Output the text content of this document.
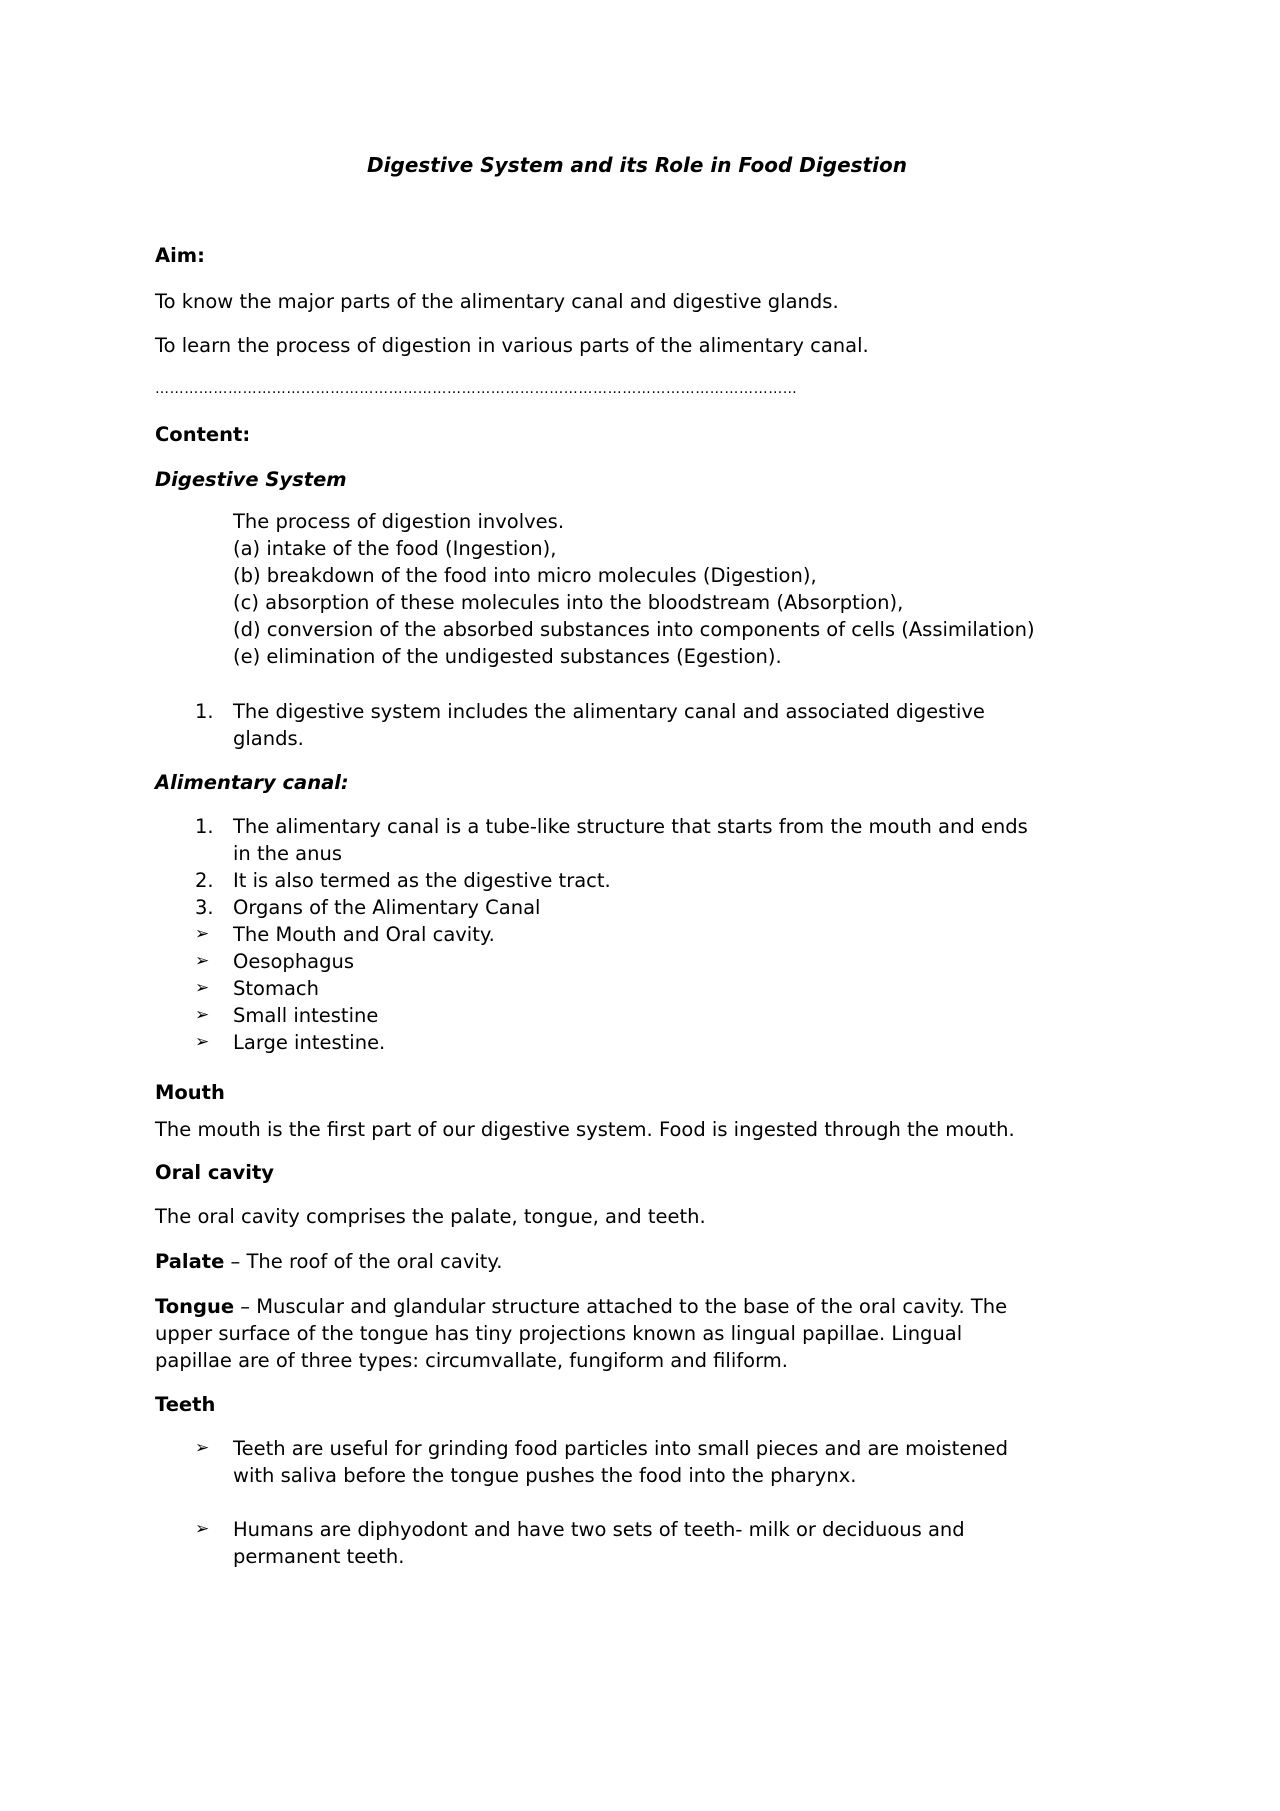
Digestive System and its Role in Food Digestion
Aim:
To know the major parts of the alimentary canal and digestive glands.
To learn the process of digestion in various parts of the alimentary canal.
……………………………………………………………………………………………………………………
Content:
Digestive System
The process of digestion involves.
(a) intake of the food (Ingestion),
(b) breakdown of the food into micro molecules (Digestion),
(c) absorption of these molecules into the bloodstream (Absorption),
(d) conversion of the absorbed substances into components of cells (Assimilation)
(e) elimination of the undigested substances (Egestion).
1. The digestive system includes the alimentary canal and associated digestive
glands.
Alimentary canal:
1. The alimentary canal is a tube-like structure that starts from the mouth and ends
in the anus
2. It is also termed as the digestive tract.
3. Organs of the Alimentary Canal
➢ The Mouth and Oral cavity.
➢ Oesophagus
➢ Stomach
➢ Small intestine
➢ Large intestine.
Mouth
The mouth is the first part of our digestive system. Food is ingested through the mouth.
Oral cavity
The oral cavity comprises the palate, tongue, and teeth.
Palate – The roof of the oral cavity.
Tongue – Muscular and glandular structure attached to the base of the oral cavity. The
upper surface of the tongue has tiny projections known as lingual papillae. Lingual
papillae are of three types: circumvallate, fungiform and filiform.
Teeth
➢ Teeth are useful for grinding food particles into small pieces and are moistened
with saliva before the tongue pushes the food into the pharynx.
➢ Humans are diphyodont and have two sets of teeth- milk or deciduous and
permanent teeth.
